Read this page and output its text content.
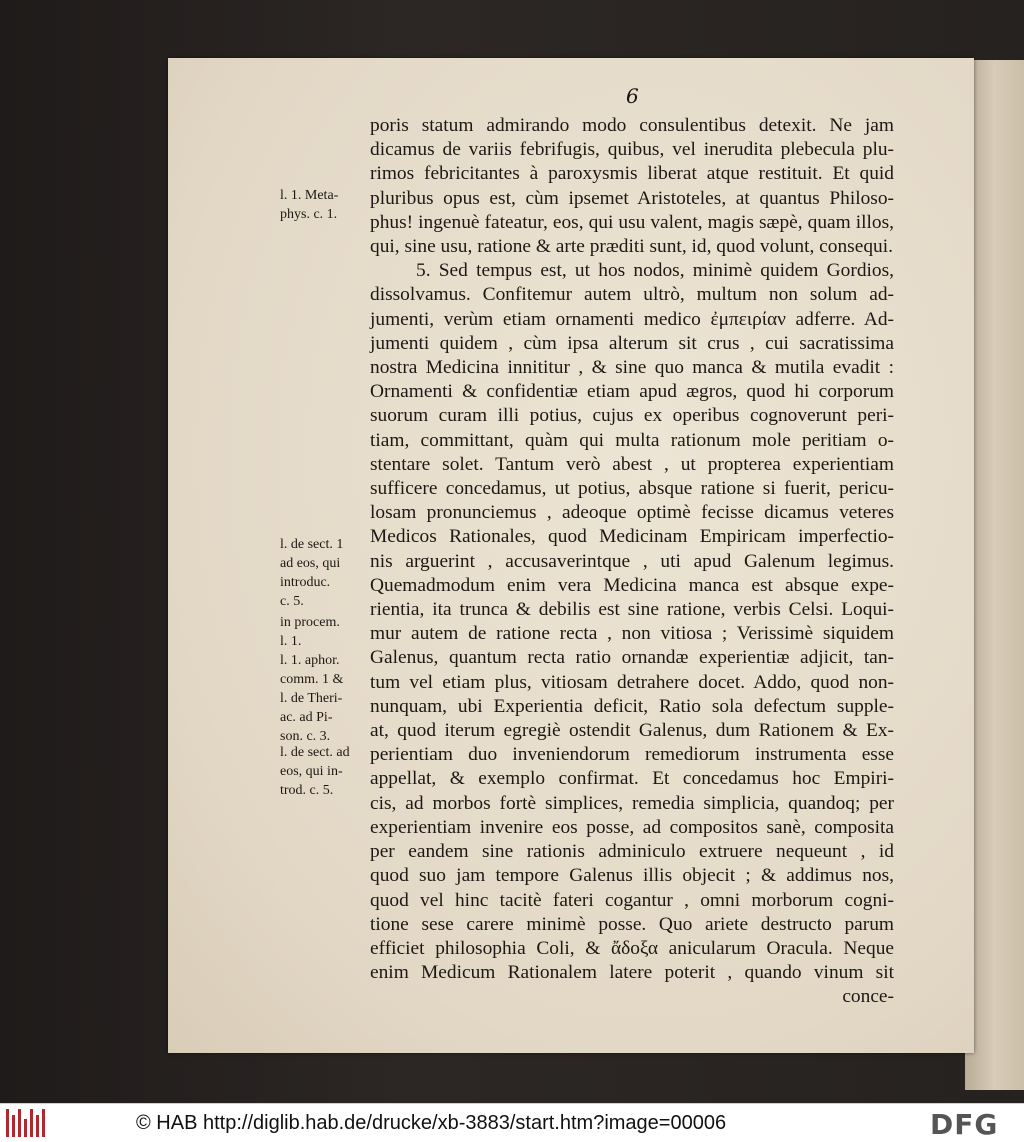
6
poris statum admirando modo consulentibus detexit. Ne jam
dicamus de variis febrifugis, quibus, vel inerudita plebecula plu-
rimos febricitantes à paroxysmis liberat atque restituit. Et quid
pluribus opus est, cùm ipsemet Aristoteles, at quantus Philoso-
phus! ingenuè fateatur, eos, qui usu valent, magis sæpè, quam illos,
qui, sine usu, ratione & arte præditi sunt, id, quod volunt, consequi.
5. Sed tempus est, ut hos nodos, minimè quidem Gordios,
dissolvamus. Confitemur autem ultrò, multum non solum ad-
jumenti, verùm etiam ornamenti medico ἐμπειρίαν adferre. Ad-
jumenti quidem , cùm ipsa alterum sit crus , cui sacratissima
nostra Medicina innititur , & sine quo manca & mutila evadit :
Ornamenti & confidentiæ etiam apud ægros, quod hi corporum
suorum curam illi potius, cujus ex operibus cognoverunt peri-
tiam, committant, quàm qui multa rationum mole peritiam o-
stentare solet. Tantum verò abest , ut propterea experientiam
sufficere concedamus, ut potius, absque ratione si fuerit, pericu-
losam pronunciemus , adeoque optimè fecisse dicamus veteres
Medicos Rationales, quod Medicinam Empiricam imperfectio-
nis arguerint , accusaverintque , uti apud Galenum legimus.
Quemadmodum enim vera Medicina manca est absque expe-
rientia, ita trunca & debilis est sine ratione, verbis Celsi. Loqui-
mur autem de ratione recta , non vitiosa ; Verissimè siquidem
Galenus, quantum recta ratio ornandæ experientiæ adjicit, tan-
tum vel etiam plus, vitiosam detrahere docet. Addo, quod non-
nunquam, ubi Experientia deficit, Ratio sola defectum supple-
at, quod iterum egregiè ostendit Galenus, dum Rationem & Ex-
perientiam duo inveniendorum remediorum instrumenta esse
appellat, & exemplo confirmat. Et concedamus hoc Empiri-
cis, ad morbos fortè simplices, remedia simplicia, quandoq; per
experientiam invenire eos posse, ad compositos sanè, composita
per eandem sine rationis adminiculo extruere nequeunt , id
quod suo jam tempore Galenus illis objecit ; & addimus nos,
quod vel hinc tacitè fateri cogantur , omni morborum cogni-
tione sese carere minimè posse. Quo ariete destructo parum
efficiet philosophia Coli, & ἄδοξα anicularum Oracula. Neque
enim Medicum Rationalem latere poterit , quando vinum sit
conce-
l. 1. Meta-
phys. c. 1.
l. de sect. 1
ad eos, qui
introduc.
c. 5.
in procem.
l. 1.
l. 1. aphor.
comm. 1 &
l. de Theri-
ac. ad Pi-
son. c. 3.
l. de sect. ad
eos, qui in-
trod. c. 5.
© HAB http://diglib.hab.de/drucke/xb-3883/start.htm?image=00006	DFG
